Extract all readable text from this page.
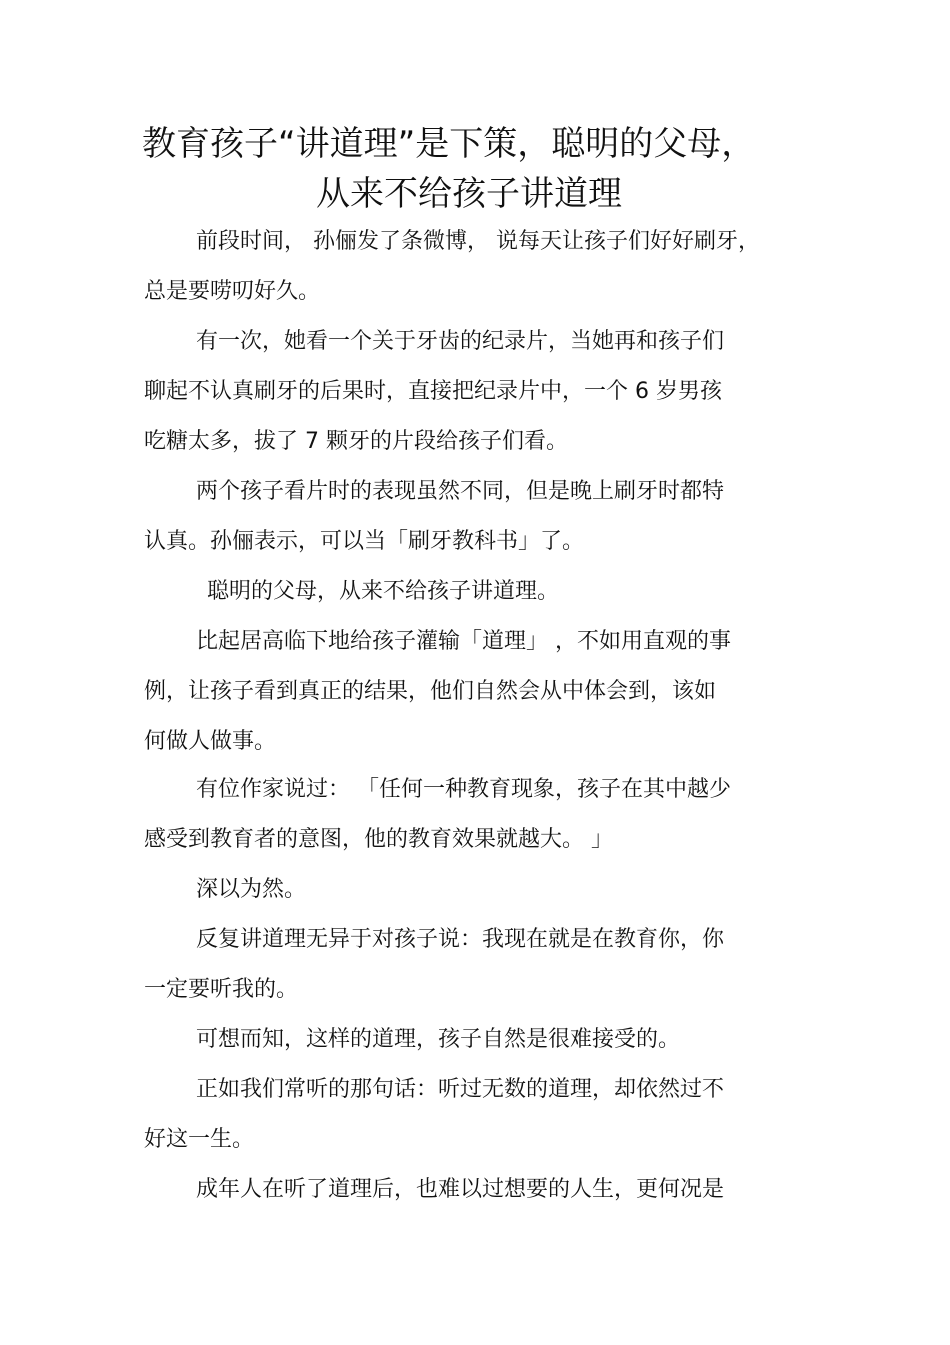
教育孩子“讲道理”是下策，聪明的父母，
从来不给孩子讲道理
前段时间， 孙俪发了条微博， 说每天让孩子们好好刷牙，
总是要唠叨好久。
有一次，她看一个关于牙齿的纪录片，当她再和孩子们
聊起不认真刷牙的后果时，直接把纪录片中，一个 6 岁男孩
吃糖太多，拔了 7 颗牙的片段给孩子们看。
两个孩子看片时的表现虽然不同，但是晚上刷牙时都特
认真。孙俪表示，可以当「刷牙教科书」了。
聪明的父母，从来不给孩子讲道理。
比起居高临下地给孩子灌输「道理」 ，不如用直观的事
例，让孩子看到真正的结果，他们自然会从中体会到，该如
何做人做事。
有位作家说过： 「任何一种教育现象，孩子在其中越少
感受到教育者的意图，他的教育效果就越大。 」
深以为然。
反复讲道理无异于对孩子说：我现在就是在教育你，你
一定要听我的。
可想而知，这样的道理，孩子自然是很难接受的。
正如我们常听的那句话：听过无数的道理，却依然过不
好这一生。
成年人在听了道理后，也难以过想要的人生，更何况是
